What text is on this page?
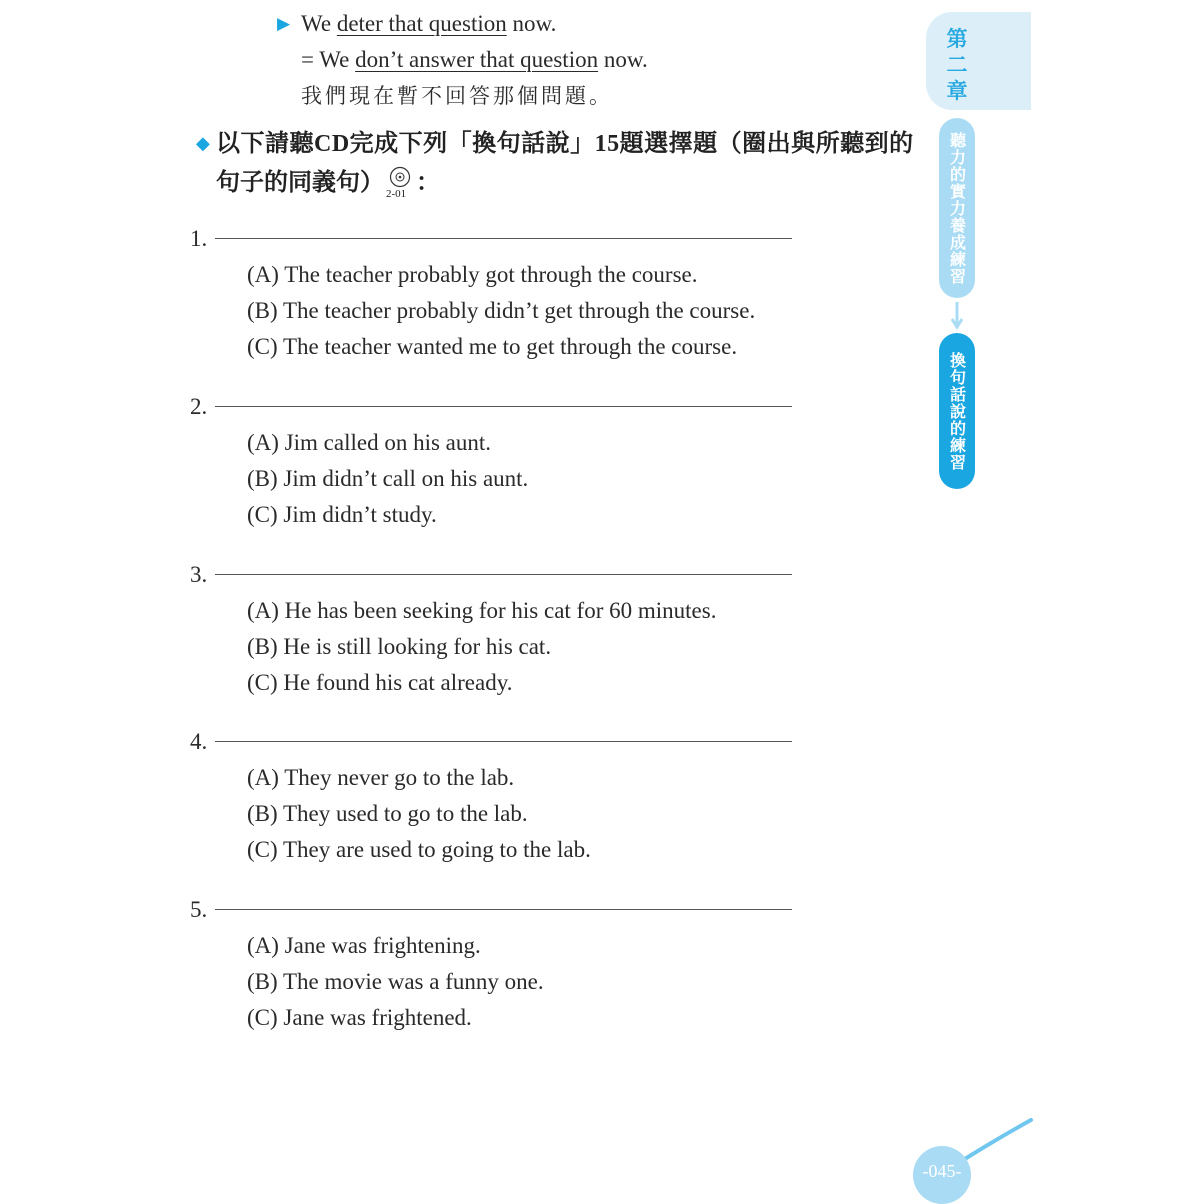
▶ We deter that question now.
= We don’t answer that question now.
我們現在暫不回答那個問題。
◆ 以下請聽CD完成下列「換句話說」15題選擇題（圈出與所聽到的
句子的同義句） 2-01 ：
1.
(A) The teacher probably got through the course.
(B) The teacher probably didn’t get through the course.
(C) The teacher wanted me to get through the course.
2.
(A) Jim called on his aunt.
(B) Jim didn’t call on his aunt.
(C) Jim didn’t study.
3.
(A) He has been seeking for his cat for 60 minutes.
(B) He is still looking for his cat.
(C) He found his cat already.
4.
(A) They never go to the lab.
(B) They used to go to the lab.
(C) They are used to going to the lab.
5.
(A) Jane was frightening.
(B) The movie was a funny one.
(C) Jane was frightened.
第二章
聽力的實力養成練習
換句話說的練習
-045-
